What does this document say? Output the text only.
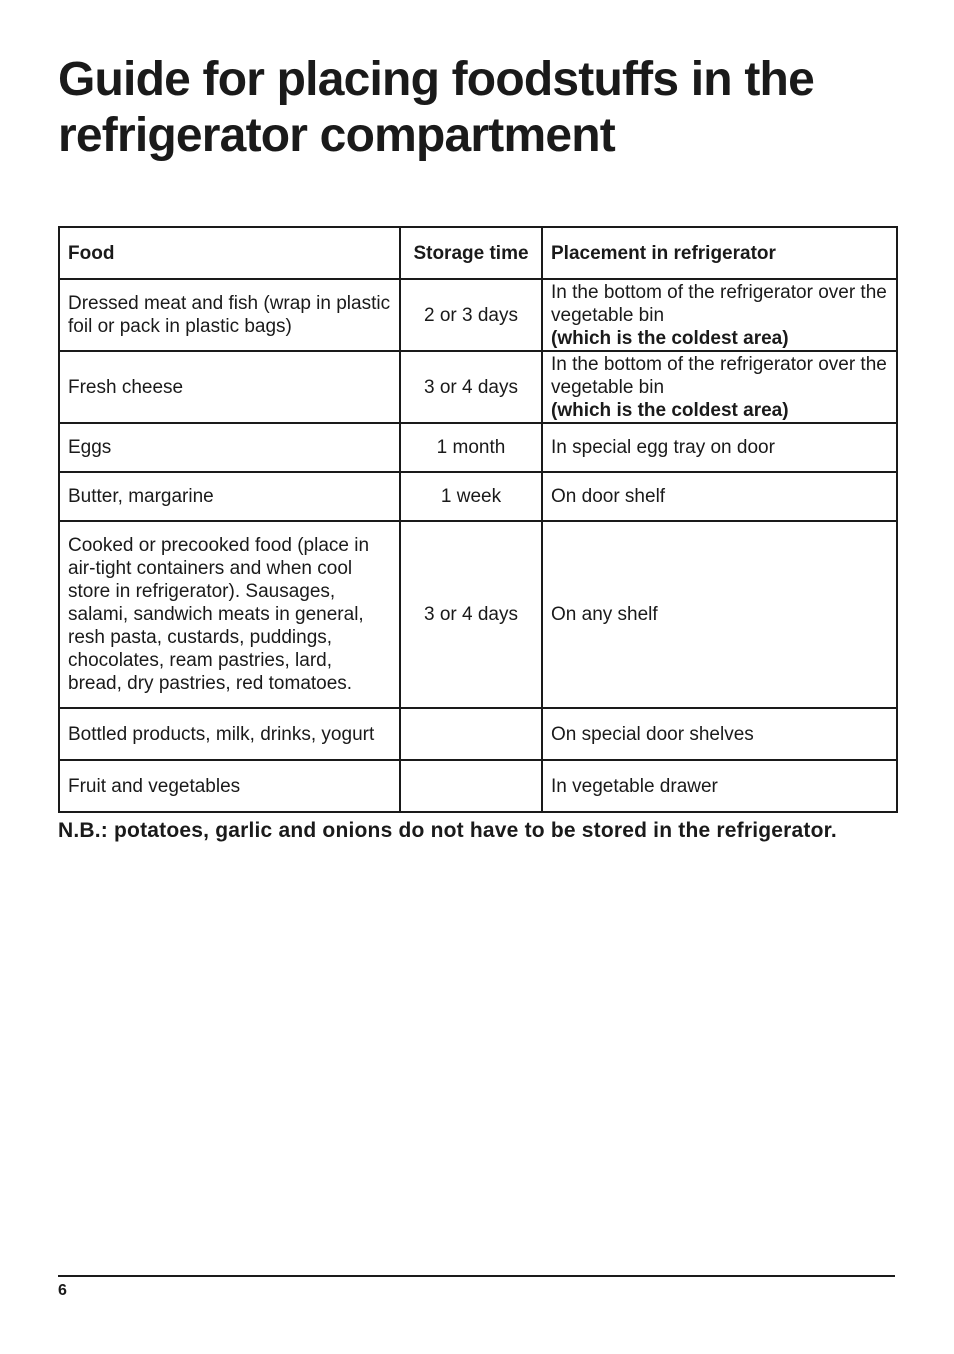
Guide for placing foodstuffs in the refrigerator compartment
Food	Storage time	Placement in refrigerator
Dressed meat and fish (wrap in plastic foil or pack in plastic bags)	2 or 3 days	In the bottom of the refrigerator over the vegetable bin
(which is the coldest area)

Fresh cheese	3 or 4 days	In the bottom of the refrigerator over the vegetable bin
(which is the coldest area)

Eggs	1 month	In special egg tray on door
Butter, margarine	1 week	On door shelf
Cooked or precooked food (place in air-tight containers and when cool store in refrigerator). Sausages, salami, sandwich meats in general, resh pasta, custards, puddings, chocolates, ream pastries, lard, bread, dry pastries, red tomatoes.	3 or 4 days	On any shelf
Bottled products, milk, drinks, yogurt		On special door shelves
Fruit and vegetables		In vegetable drawer

N.B.: potatoes, garlic and onions do not have to be stored in the refrigerator.

6
